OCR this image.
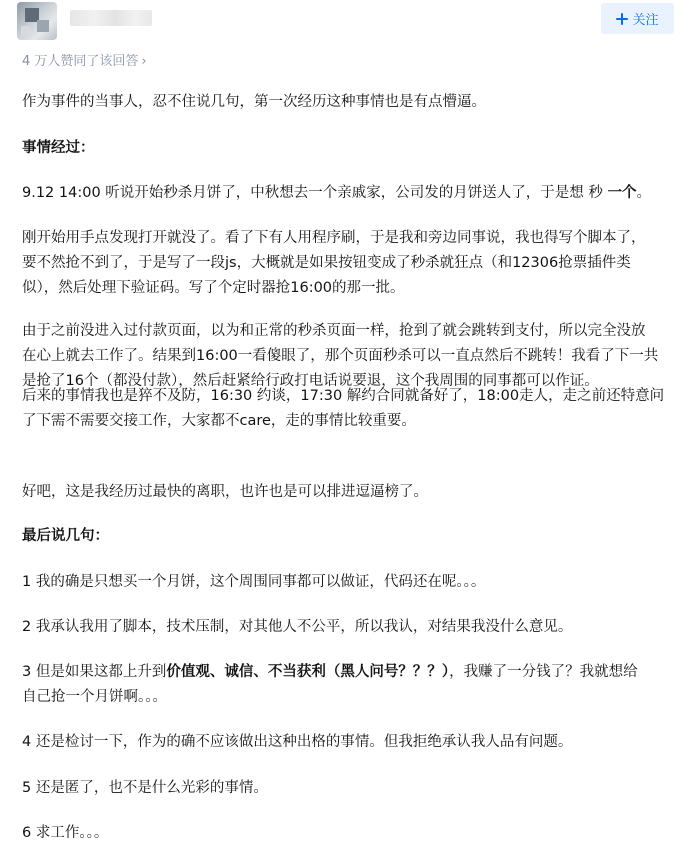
关注
4 万人赞同了该回答 ›

作为事件的当事人，忍不住说几句，第一次经历这种事情也是有点懵逼。

事情经过：

9.12 14:00 听说开始秒杀月饼了，中秋想去一个亲戚家，公司发的月饼送人了，于是想 秒 一个。

刚开始用手点发现打开就没了。看了下有人用程序刷，于是我和旁边同事说，我也得写个脚本了，

要不然抢不到了，于是写了一段js，大概就是如果按钮变成了秒杀就狂点（和12306抢票插件类

似），然后处理下验证码。写了个定时器抢16:00的那一批。

由于之前没进入过付款页面，以为和正常的秒杀页面一样，抢到了就会跳转到支付，所以完全没放

在心上就去工作了。结果到16:00一看傻眼了，那个页面秒杀可以一直点然后不跳转！我看了下一共

是抢了16个（都没付款），然后赶紧给行政打电话说要退，这个我周围的同事都可以作证。

后来的事情我也是猝不及防，16:30 约谈，17:30 解约合同就备好了，18:00走人，走之前还特意问

了下需不需要交接工作，大家都不care，走的事情比较重要。

好吧，这是我经历过最快的离职，也许也是可以排进逗逼榜了。

最后说几句：

1 我的确是只想买一个月饼，这个周围同事都可以做证，代码还在呢。。。

2 我承认我用了脚本，技术压制，对其他人不公平，所以我认，对结果我没什么意见。

3 但是如果这都上升到价值观、诚信、不当获利（黑人问号？？？），我赚了一分钱了？我就想给

自己抢一个月饼啊。。。

4 还是检讨一下，作为的确不应该做出这种出格的事情。但我拒绝承认我人品有问题。

5 还是匿了，也不是什么光彩的事情。

6 求工作。。。
